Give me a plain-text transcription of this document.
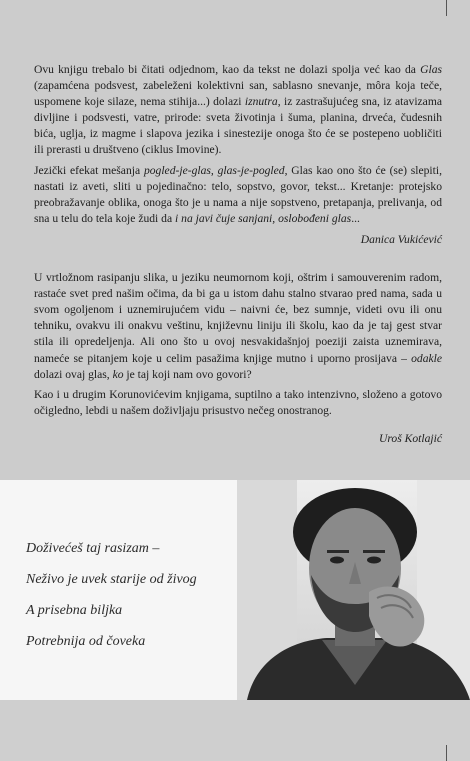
Ovu knjigu trebalo bi čitati odjednom, kao da tekst ne dolazi spolja već kao da Glas (zapamćena podsvest, zabeleženi kolektivni san, sablasno snevanje, môra koja teče, uspomene koje silaze, nema stihija...) dolazi iznutra, iz zastrašujućeg sna, iz atavizama divljine i podsvesti, vatre, prirode: sveta životinja i šuma, planina, drveća, čudesnih bića, uglja, iz magme i slapova jezika i sinestezije onoga što će se postepeno uobličiti ili prerasti u društveno (ciklus Imovine).

Jezički efekat mešanja pogled-je-glas, glas-je-pogled, Glas kao ono što će (se) slepiti, nastati iz aveti, sliti u pojedinačno: telo, sopstvo, govor, tekst... Kretanje: protejsko preobražavanje oblika, onoga što je u nama a nije sopstveno, pretapanja, prelivanja, od sna u telu do tela koje žudi da i na javi čuje sanjani, oslobođeni glas...

Danica Vukićević

U vrtložnom rasipanju slika, u jeziku neumornom koji, oštrim i samouverenim radom, rastaće svet pred našim očima, da bi ga u istom dahu stalno stvarao pred nama, sada u svom ogoljenom i uznemirujućem vidu – naivni će, bez sumnje, videti ovu ili onu tehniku, ovakvu ili onakvu veštinu, književnu liniju ili školu, kao da je taj gest stvar stila ili opredeljenja. Ali ono što u ovoj nesvakidašnjoj poeziji zaista uznemirava, nameće se pitanjem koje u celim pasažima knjige mutno i uporno prosijava – odakle dolazi ovaj glas, ko je taj koji nam ovo govori?

Kao i u drugim Korunovićevim knjigama, suptilno a tako intenzivno, složeno a gotovo očigledno, lebdi u našem doživljaju prisustvo nečeg onostranog.

Uroš Kotlajić
Doživećeš taj rasizam –
Neživo je uvek starije od živog
A prisebna biljka
Potrebnija od čoveka
